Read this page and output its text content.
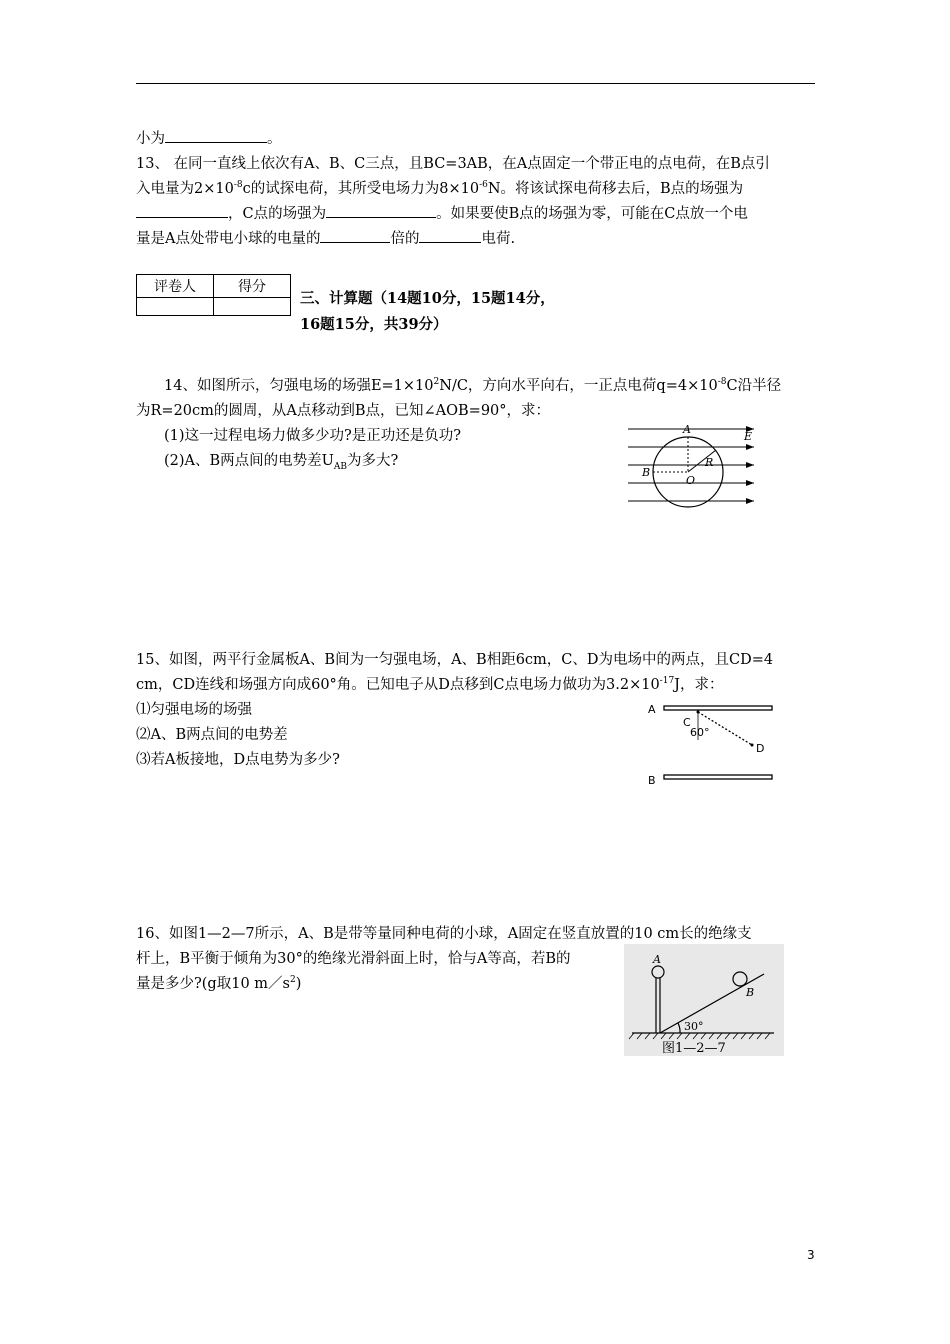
小为	。
13、 在同一直线上依次有A、B、C三点，且BC=3AB，在A点固定一个带正电的点电荷，在B点引
入电量为$2\times 10^{-8}c$的试探电荷，其所受电场力为$8\times 10^{-6}N$。将该试探电荷移去后，B点的场强为
，C点的场强为	。如果要使B点的场强为零，可能在C点放一个电
量是A点处带电小球的电量的	倍的	电荷.
评卷人	得分

三、计算题（14题10分，15题14分，
16题15分，共39分）
14、如图所示，匀强电场的场强$E=1\times 10^2N/C$，方向水平向右，一正点电荷$q=4\times 10^{-8}C$沿半径
为R=20cm的圆周，从A点移动到B点，已知∠AOB=90°，求：
(1)这一过程电场力做多少功?是正功还是负功?
(2)A、B两点间的电势差$U_{AB}$为多大?
A
B
O
R
E
15、如图，两平行金属板A、B间为一匀强电场，A、B相距6cm，C、D为电场中的两点，且CD=4
cm，CD连线和场强方向成60°角。已知电子从D点移到C点电场力做功为$3.2\times 10^{-17}J$，求：
⑴匀强电场的场强
⑵A、B两点间的电势差
⑶若A板接地，D点电势为多少?
A
B
C
D
60°
16、如图1—2—7所示，A、B是带等量同种电荷的小球，A固定在竖直放置的10 cm长的绝缘支
杆上，B平衡于倾角为30°的绝缘光滑斜面上时，恰与A等高，若B的
量是多少?(g取10 $m/s^2$)
A
B
30°
图1—2—7
3
